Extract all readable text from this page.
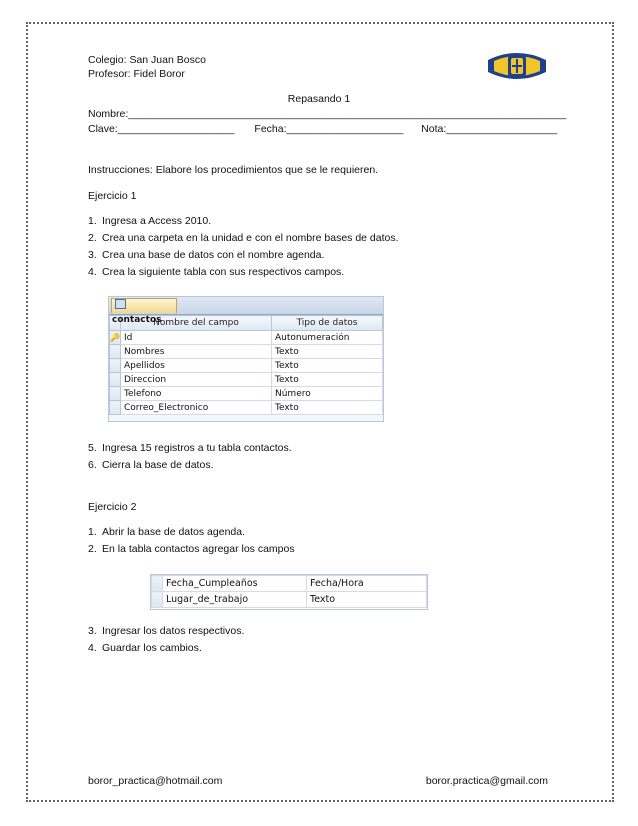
Colegio: San Juan Bosco
Profesor: Fidel Boror
Repasando 1
Nombre:___________________________________________________________________________
Clave:____________________ Fecha:____________________ Nota:___________________
Instrucciones: Elabore los procedimientos que se le requieren.
Ejercicio 1
1. Ingresa a Access 2010.
2. Crea una carpeta en la unidad e con el nombre bases de datos.
3. Crea una base de datos con el nombre agenda.
4. Crea la siguiente tabla con sus respectivos campos.
contactos
	Nombre del campo	Tipo de datos
🔑	Id	Autonumeración
	Nombres	Texto
	Apellidos	Texto
	Direccion	Texto
	Telefono	Número
	Correo_Electronico	Texto
5. Ingresa 15 registros a tu tabla contactos.
6. Cierra la base de datos.
Ejercicio 2
1. Abrir la base de datos agenda.
2. En la tabla contactos agregar los campos
	Fecha_Cumpleaños	Fecha/Hora
	Lugar_de_trabajo	Texto
3. Ingresar los datos respectivos.
4. Guardar los cambios.
boror_practica@hotmail.com	boror.practica@gmail.com
